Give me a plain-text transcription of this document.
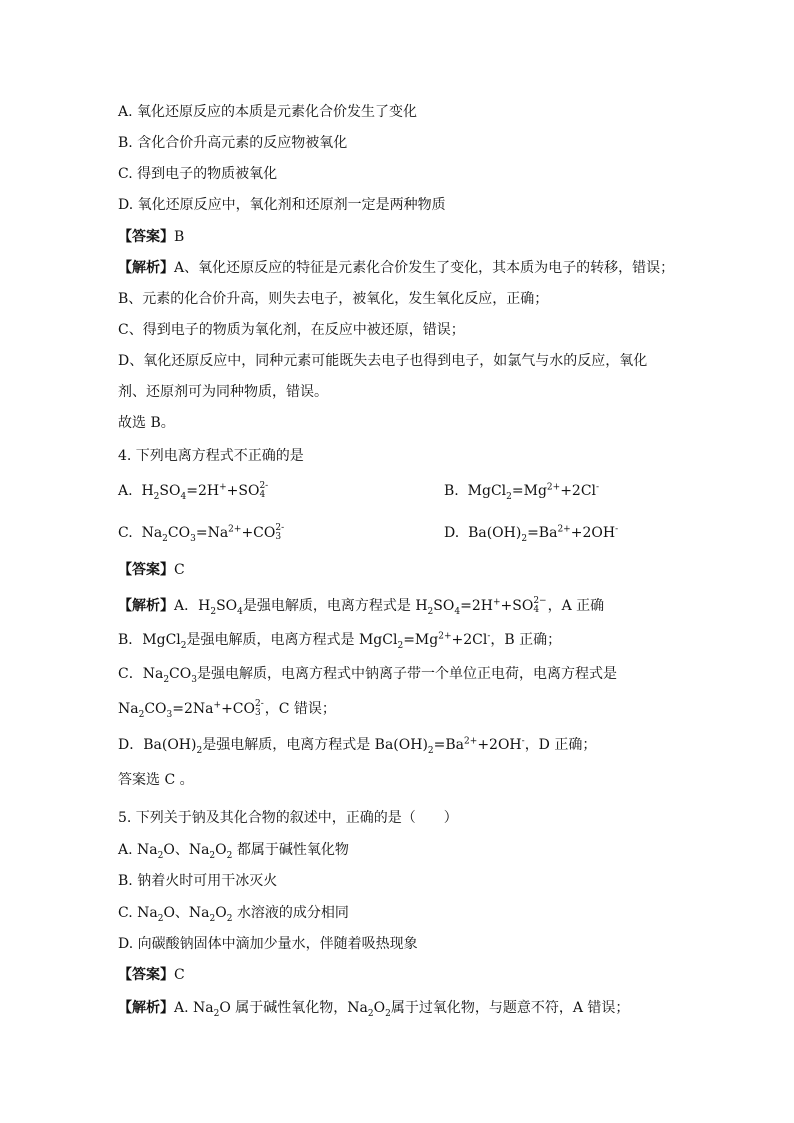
A. 氧化还原反应的本质是元素化合价发生了变化
B. 含化合价升高元素的反应物被氧化
C. 得到电子的物质被氧化
D. 氧化还原反应中，氧化剂和还原剂一定是两种物质
【答案】B
【解析】A、氧化还原反应的特征是元素化合价发生了变化，其本质为电子的转移，错误；
B、元素的化合价升高，则失去电子，被氧化，发生氧化反应，正确；
C、得到电子的物质为氧化剂，在反应中被还原，错误；
D、氧化还原反应中，同种元素可能既失去电子也得到电子，如氯气与水的反应，氧化
剂、还原剂可为同种物质，错误。
故选 B。
4. 下列电离方程式不正确的是
A.  $H_2SO_4=2H^++SO$ 2-
4	B.  $MgCl_2=Mg^{2+}+2Cl^-$
C.  $Na_2CO_3=Na^{2+}+CO$ 2-
3	D.  $Ba(OH)_2=Ba^{2+}+2OH^-$
【答案】C
【解析】A．$H_2SO_4$是强电解质，电离方程式是 $H_2SO_4=2H^++SO$ 2−
4 ，A 正确
B．MgCl$_2$是强电解质，电离方程式是 $MgCl_2=Mg^{2+}+2Cl^-$，B 正确；
C．$Na_2CO_3$是强电解质，电离方程式中钠离子带一个单位正电荷，电离方程式是
$Na_2CO_3=2Na^++CO$ 2-
3 ，C 错误；
D．$Ba(OH)_2$是强电解质，电离方程式是 $Ba(OH)_2=Ba^{2+}+2OH^-$，D 正确；
答案选 C 。
5. 下列关于钠及其化合物的叙述中，正确的是（　　）
A. $Na_2O$、$Na_2O_2$ 都属于碱性氧化物
B. 钠着火时可用干冰灭火
C. $Na_2O$、$Na_2O_2$ 水溶液的成分相同
D. 向碳酸钠固体中滴加少量水，伴随着吸热现象
【答案】C
【解析】A. $Na_2O$ 属于碱性氧化物，$Na_2O_2$属于过氧化物，与题意不符，A 错误；
